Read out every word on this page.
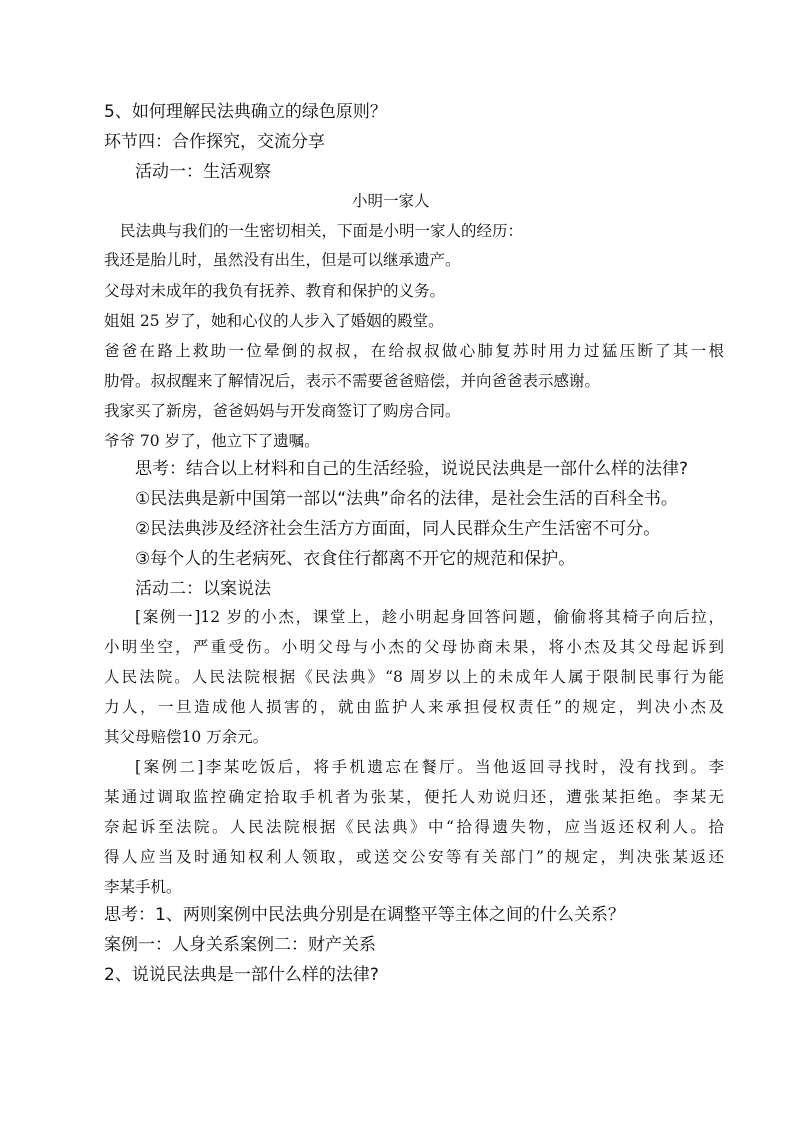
5、如何理解民法典确立的绿色原则？
环节四：合作探究，交流分享
活动一：生活观察
小明一家人
民法典与我们的一生密切相关，下面是小明一家人的经历：
我还是胎儿时，虽然没有出生，但是可以继承遗产。
父母对未成年的我负有抚养、教育和保护的义务。
姐姐 25 岁了，她和心仪的人步入了婚姻的殿堂。
爸爸在路上救助一位晕倒的叔叔，在给叔叔做心肺复苏时用力过猛压断了其一根
肋骨。叔叔醒来了解情况后，表示不需要爸爸赔偿，并向爸爸表示感谢。
我家买了新房，爸爸妈妈与开发商签订了购房合同。
爷爷 70 岁了，他立下了遗嘱。
思考：结合以上材料和自己的生活经验，说说民法典是一部什么样的法律?
①民法典是新中国第一部以“法典”命名的法律，是社会生活的百科全书。
②民法典涉及经济社会生活方方面面，同人民群众生产生活密不可分。
③每个人的生老病死、衣食住行都离不开它的规范和保护。
活动二：以案说法
[案例一]12 岁的小杰，课堂上，趁小明起身回答问题，偷偷将其椅子向后拉，
小明坐空，严重受伤。小明父母与小杰的父母协商未果，将小杰及其父母起诉到
人民法院。人民法院根据《民法典》“8 周岁以上的未成年人属于限制民事行为能
力人，一旦造成他人损害的，就由监护人来承担侵权责任”的规定，判决小杰及
其父母赔偿10 万余元。
[案例二]李某吃饭后，将手机遗忘在餐厅。当他返回寻找时，没有找到。李
某通过调取监控确定拾取手机者为张某，便托人劝说归还，遭张某拒绝。李某无
奈起诉至法院。人民法院根据《民法典》中“拾得遗失物，应当返还权利人。拾
得人应当及时通知权利人领取，或送交公安等有关部门”的规定，判决张某返还
李某手机。
思考：1、两则案例中民法典分别是在调整平等主体之间的什么关系？
案例一：人身关系案例二：财产关系
2、说说民法典是一部什么样的法律?
